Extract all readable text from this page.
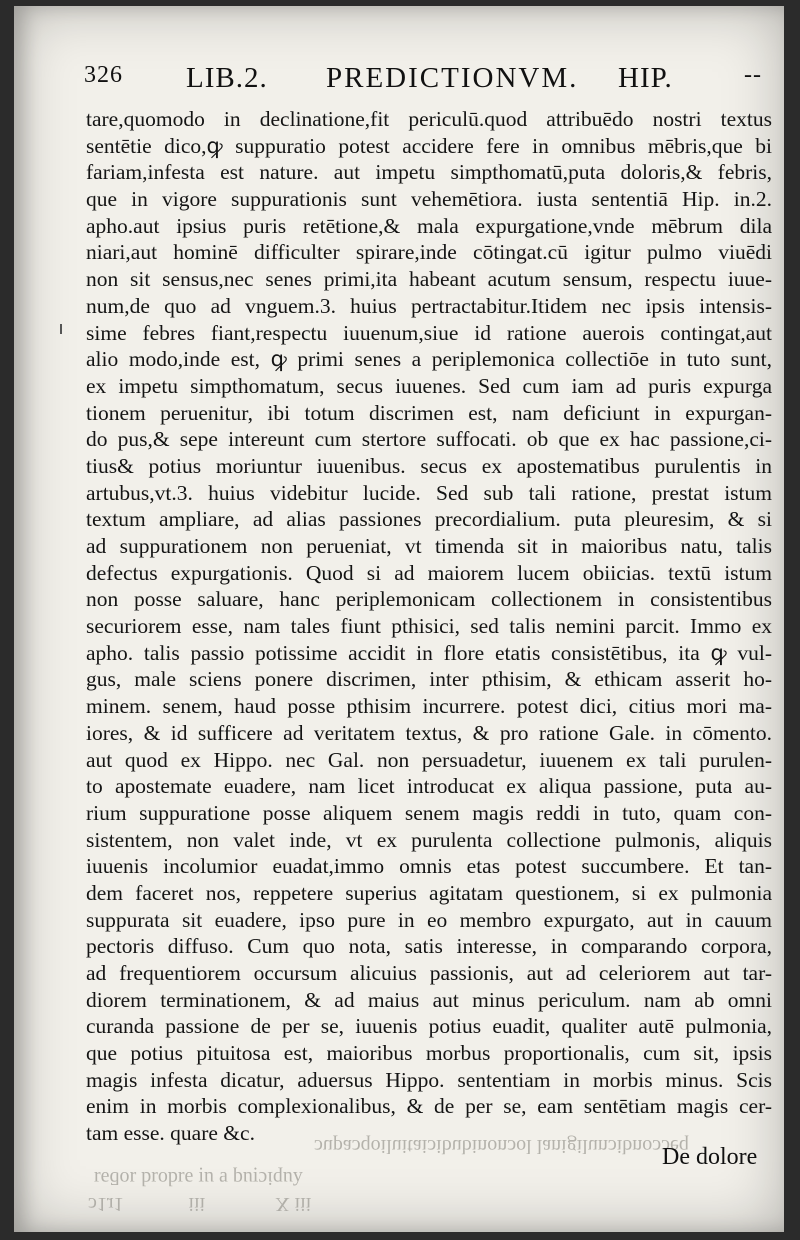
326 LIB.2. PREDICTIONVM. HIP.	--
tare,quomodo in declinatione,fit periculū.quod attribuēdo nostri textus
sentētie dico,ꝙ suppuratio potest accidere fere in omnibus mēbris,que bi
fariam,infesta est nature. aut impetu simpthomatū,puta doloris,& febris,
que in vigore suppurationis sunt vehemētiora. iusta sententiā Hip. in.2.
apho.aut ipsius puris retētione,& mala expurgatione,vnde mēbrum dila
niari,aut hominē difficulter spirare,inde cōtingat.cū igitur pulmo viuēdi
non sit sensus,nec senes primi,ita habeant acutum sensum, respectu iuue-
num,de quo ad vnguem.3. huius pertractabitur.Itidem nec ipsis intensis-
sime febres fiant,respectu iuuenum,siue id ratione auerois contingat,aut
alio modo,inde est, ꝙ primi senes a periplemonica collectiōe in tuto sunt,
ex impetu simpthomatum, secus iuuenes. Sed cum iam ad puris expurga
tionem peruenitur, ibi totum discrimen est, nam deficiunt in expurgan-
do pus,& sepe intereunt cum stertore suffocati. ob que ex hac passione,ci-
tius& potius moriuntur iuuenibus. secus ex apostematibus purulentis in
artubus,vt.3. huius videbitur lucide. Sed sub tali ratione, prestat istum
textum ampliare, ad alias passiones precordialium. puta pleuresim, & si
ad suppurationem non perueniat, vt timenda sit in maioribus natu, talis
defectus expurgationis. Quod si ad maiorem lucem obiicias. textū istum
non posse saluare, hanc periplemonicam collectionem in consistentibus
securiorem esse, nam tales fiunt pthisici, sed talis nemini parcit. Immo ex
apho. talis passio potissime accidit in flore etatis consistētibus, ita ꝙ vul-
gus, male sciens ponere discrimen, inter pthisim, & ethicam asserit ho-
minem. senem, haud posse pthisim incurrere. potest dici, citius mori ma-
iores, & id sufficere ad veritatem textus, & pro ratione Gale. in cōmento.
aut quod ex Hippo. nec Gal. non persuadetur, iuuenem ex tali purulen-
to apostemate euadere, nam licet introducat ex aliqua passione, puta au-
rium suppuratione posse aliquem senem magis reddi in tuto, quam con-
sistentem, non valet inde, vt ex purulenta collectione pulmonis, aliquis
iuuenis incolumior euadat,immo omnis etas potest succumbere. Et tan-
dem faceret nos, reppetere superius agitatam questionem, si ex pulmonia
suppurata sit euadere, ipso pure in eo membro expurgato, aut in cauum
pectoris diffuso. Cum quo nota, satis interesse, in comparando corpora,
ad frequentiorem occursum alicuius passionis, aut ad celeriorem aut tar-
diorem terminationem, & ad maius aut minus periculum. nam ab omni
curanda passione de per se, iuuenis potius euadit, qualiter autē pulmonia,
que potius pituitosa est, maioribus morbus proportionalis, cum sit, ipsis
magis infesta dicatur, aduersus Hippo. sententiam in morbis minus. Scis
enim in morbis complexionalibus, & de per se, eam sentētiam magis cer-
tam esse. quare &c.
ɔupaɔqoiluitaiɔibubinonɔol lanigilunɔibnoɔɔeq
ʎupicᴉuq ɐ uᴉ ǝɹdoɹd ɹoƃǝɹ
ɔ1ɹ1             iii              X iii
De dolore
